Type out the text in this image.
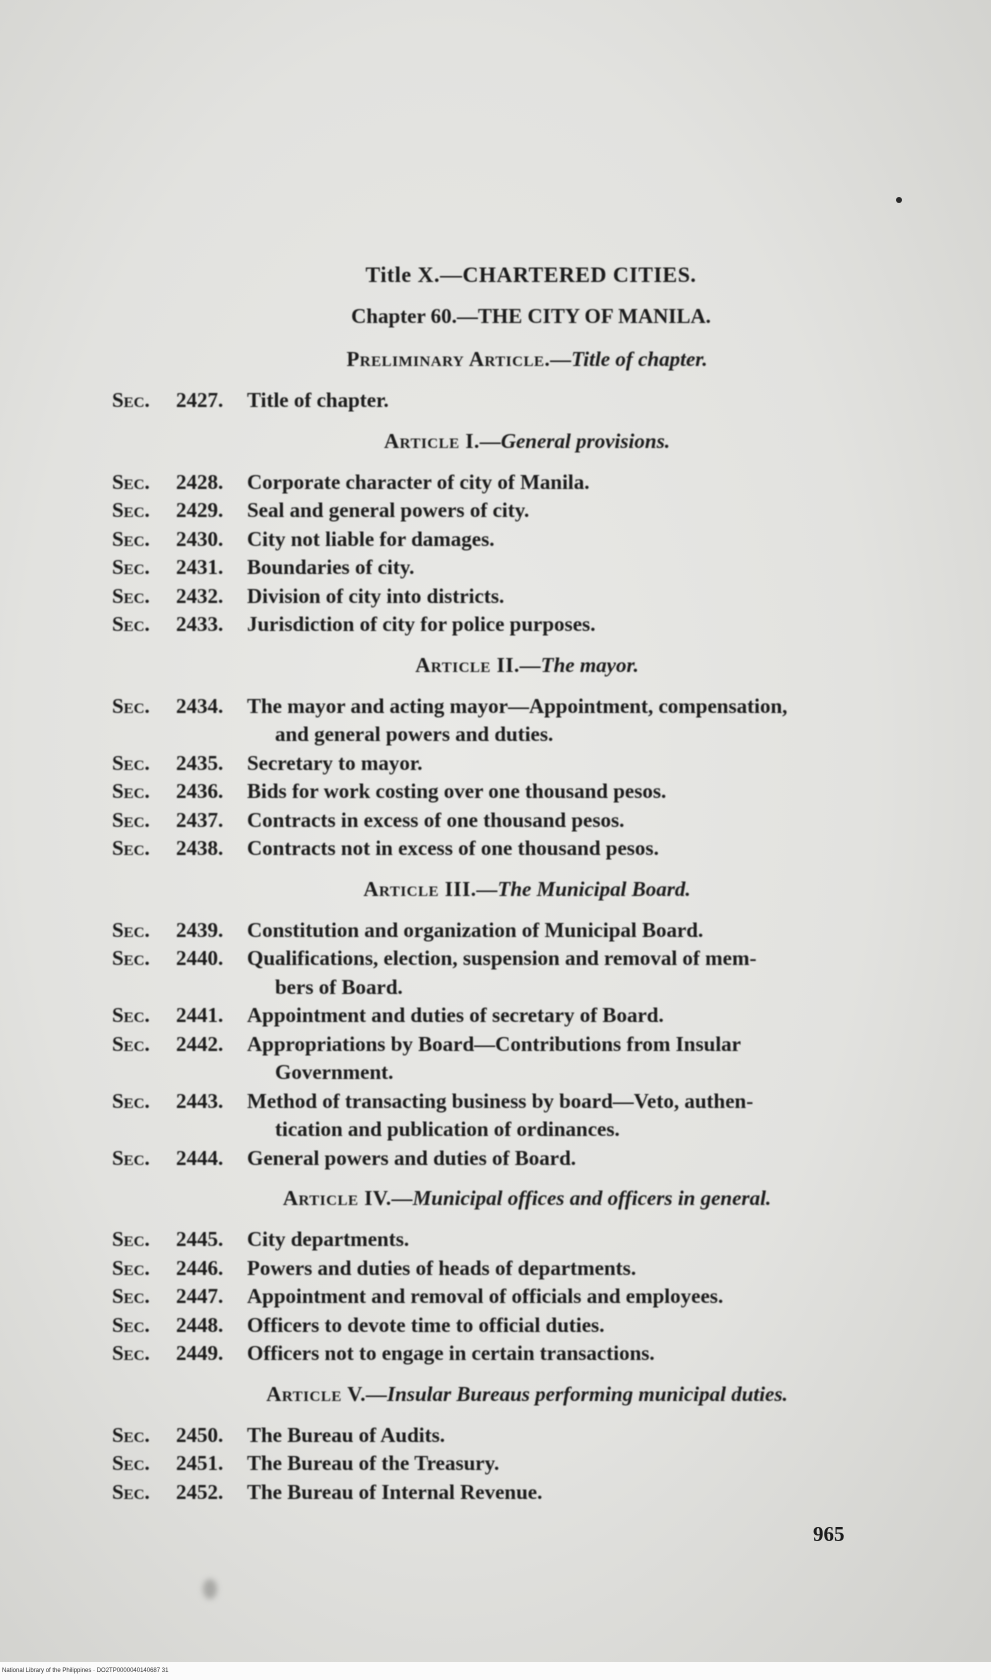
Title X.—CHARTERED CITIES.
Chapter 60.—THE CITY OF MANILA.
Preliminary Article.—Title of chapter.
Sec.	2427.	Title of chapter.
Article I.—General provisions.
Sec.	2428.	Corporate character of city of Manila.
Sec.	2429.	Seal and general powers of city.
Sec.	2430.	City not liable for damages.
Sec.	2431.	Boundaries of city.
Sec.	2432.	Division of city into districts.
Sec.	2433.	Jurisdiction of city for police purposes.
Article II.—The mayor.
Sec.	2434.	The mayor and acting mayor—Appointment, compensation,
and general powers and duties.
Sec.	2435.	Secretary to mayor.
Sec.	2436.	Bids for work costing over one thousand pesos.
Sec.	2437.	Contracts in excess of one thousand pesos.
Sec.	2438.	Contracts not in excess of one thousand pesos.
Article III.—The Municipal Board.
Sec.	2439.	Constitution and organization of Municipal Board.
Sec.	2440.	Qualifications, election, suspension and removal of mem-
bers of Board.
Sec.	2441.	Appointment and duties of secretary of Board.
Sec.	2442.	Appropriations by Board—Contributions from Insular
Government.
Sec.	2443.	Method of transacting business by board—Veto, authen-
tication and publication of ordinances.
Sec.	2444.	General powers and duties of Board.
Article IV.—Municipal offices and officers in general.
Sec.	2445.	City departments.
Sec.	2446.	Powers and duties of heads of departments.
Sec.	2447.	Appointment and removal of officials and employees.
Sec.	2448.	Officers to devote time to official duties.
Sec.	2449.	Officers not to engage in certain transactions.
Article V.—Insular Bureaus performing municipal duties.
Sec.	2450.	The Bureau of Audits.
Sec.	2451.	The Bureau of the Treasury.
Sec.	2452.	The Bureau of Internal Revenue.
965
National Library of the Philippines · DO2TP0000040140687 31
